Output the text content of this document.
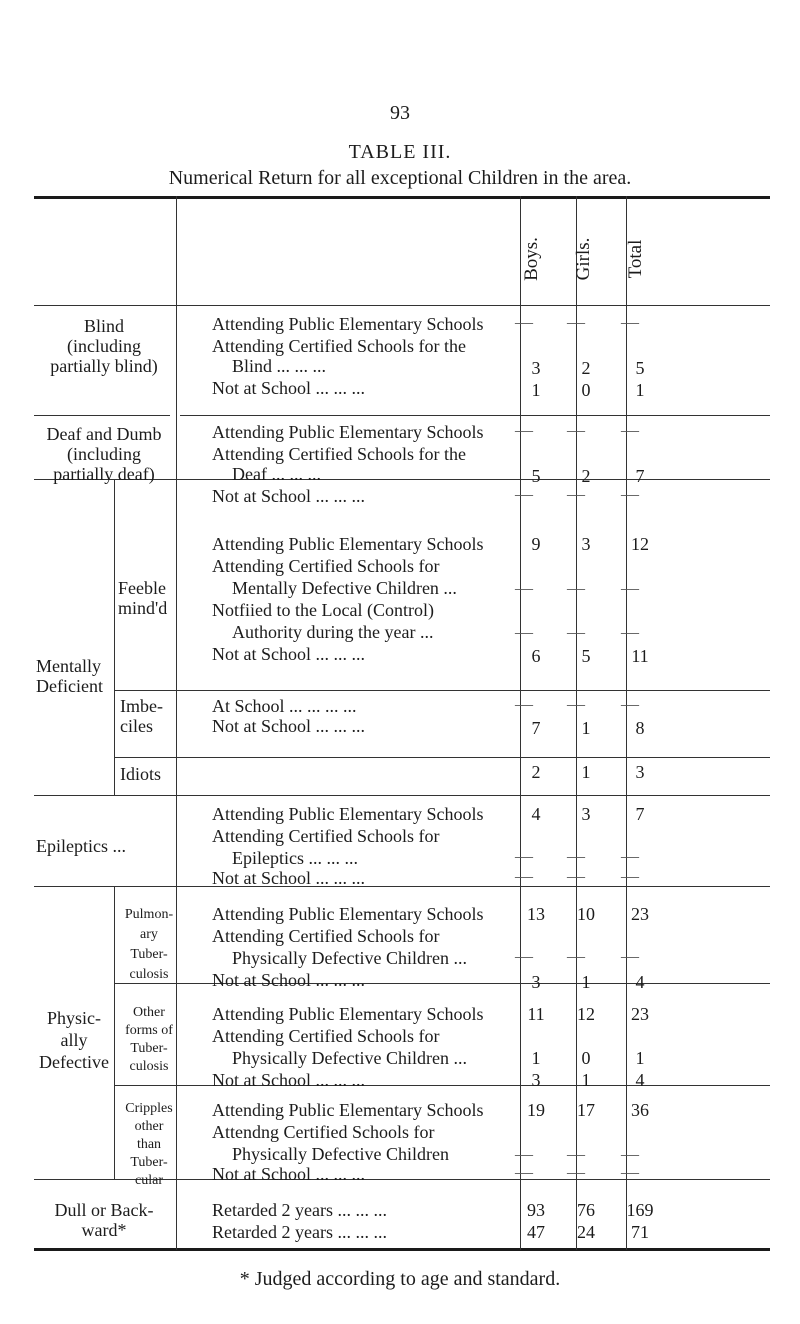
93
TABLE III.
Numerical Return for all exceptional Children in the area.
Boys. Girls. Total
Blind
(including
partially blind)
Attending Public Elementary Schools	—	—	—
Attending Certified Schools for the
Blind ... ... ...	3	2	5
Not at School ... ... ...	1	0	1
Deaf and Dumb
(including
partially deaf)
Attending Public Elementary Schools	—	—	—
Attending Certified Schools for the
Deaf ... ... ...	5	2	7
Not at School ... ... ...	—	—	—
Mentally
Deficient
Feeble
mind'd
Attending Public Elementary Schools	9	3	12
Attending Certified Schools for
Mentally Defective Children ...	—	—	—
Notfiied to the Local (Control)
Authority during the year ...	—	—	—
Not at School ... ... ...	6	5	11
Imbe-
ciles
At School ... ... ... ...	—	—	—
Not at School ... ... ...	7	1	8
Idiots	2	1	3
Epileptics ...
Attending Public Elementary Schools	4	3	7
Attending Certified Schools for
Epileptics ... ... ...	—	—	—
Not at School ... ... ...	—	—	—
Physic-
ally
Defective
Pulmon-
ary
Tuber-
culosis
Attending Public Elementary Schools	13	10	23
Attending Certified Schools for
Physically Defective Children ...	—	—	—
Not at School ... ... ...	3	1	4
Other
forms of
Tuber-
culosis
Attending Public Elementary Schools	11	12	23
Attending Certified Schools for
Physically Defective Children ...	1	0	1
Not at School ... ... ...	3	1	4
Cripples
other
than
Tuber-
cular
Attending Public Elementary Schools	19	17	36
Attendng Certified Schools for
Physically Defective Children	—	—	—
Not at School ... ... ...	—	—	—
Dull or Back-
ward*
Retarded 2 years ... ... ...	93	76	169
Retarded 2 years ... ... ...	47	24	71
* Judged according to age and standard.
